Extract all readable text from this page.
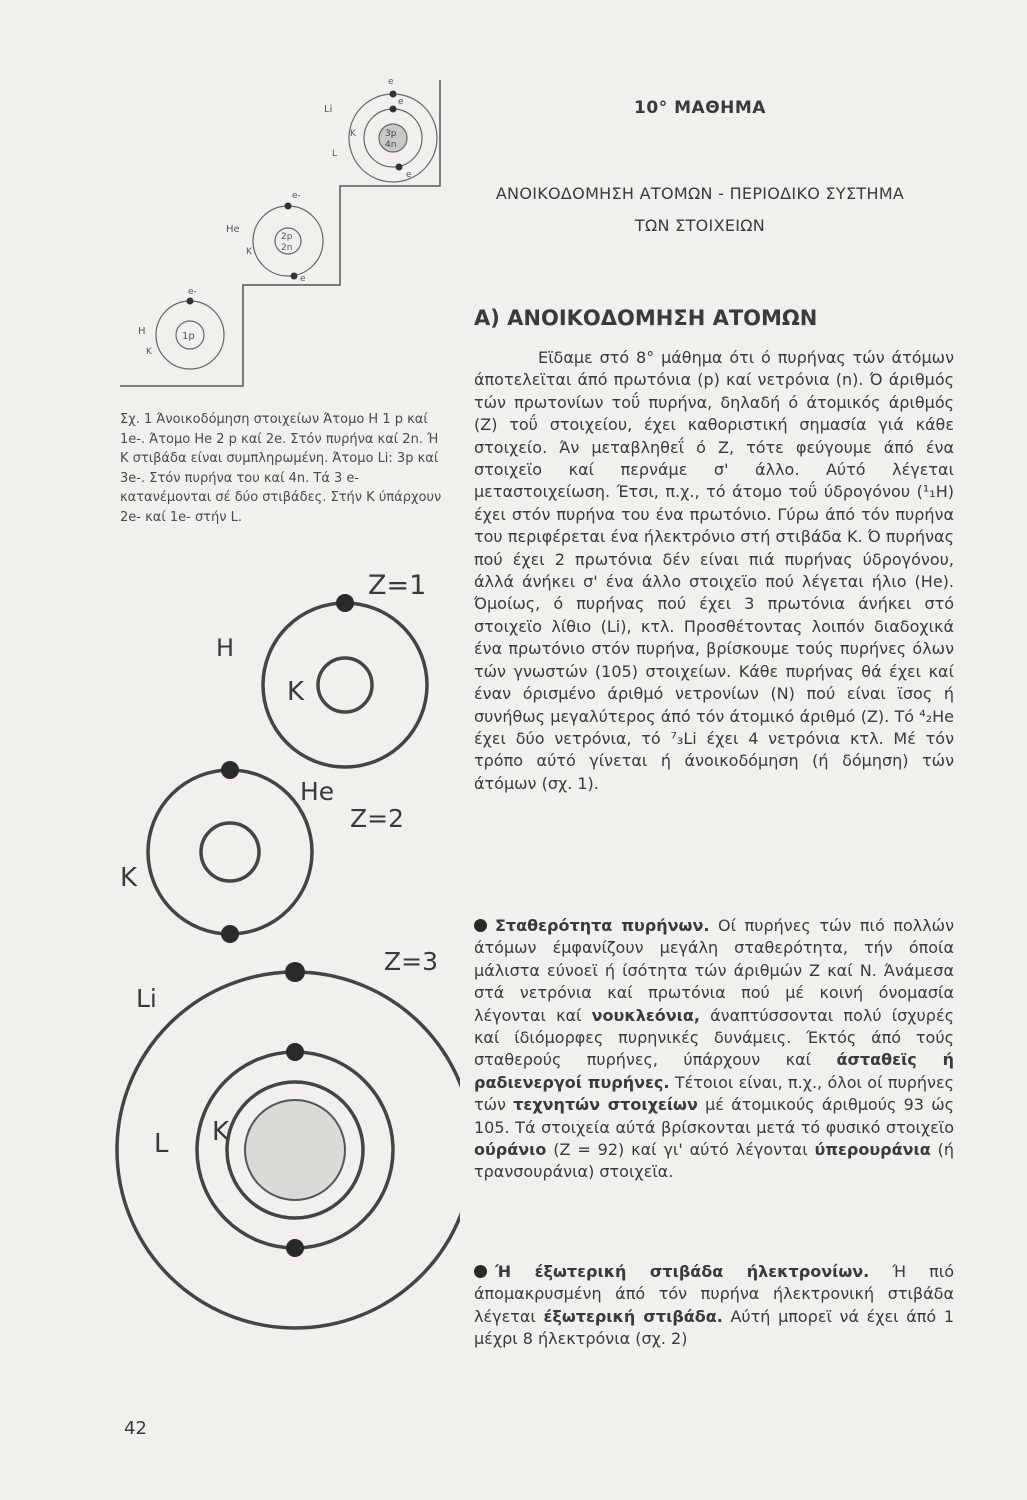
10° ΜΑΘΗΜΑ
ΑΝΟΙΚΟΔΟΜΗΣΗ ΑΤΟΜΩΝ - ΠΕΡΙΟΔΙΚΟ ΣΥΣΤΗΜΑ
ΤΩΝ ΣΤΟΙΧΕΙΩΝ
Α) ΑΝΟΙΚΟΔΟΜΗΣΗ ΑΤΟΜΩΝ
Εϊδαμε στό 8° μάθημα ότι ό πυρήνας τών άτόμων άποτελεϊται άπό πρωτόνια (p) καί νετρόνια (n). Ό άριθμός τών πρωτονίων τοΰ πυρήνα, δηλαδή ό άτομικός άριθμός (Ζ) τοΰ στοιχείου, έχει καθοριστική σημασία γιά κάθε στοιχείο. Άν μεταβληθεΐ ό Ζ, τότε φεύγουμε άπό ένα στοιχεϊο καί περνάμε σ' άλλο. Αύτό λέγεται μεταστοιχείωση. Έτσι, π.χ., τό άτομο τοΰ ύδρογόνου (¹₁Η) έχει στόν πυρήνα του ένα πρωτόνιο. Γύρω άπό τόν πυρήνα του περιφέρεται ένα ήλεκτρόνιο στή στιβάδα Κ. Ό πυρήνας πού έχει 2 πρωτόνια δέν είναι πιά πυρήνας ύδρογόνου, άλλά άνήκει σ' ένα άλλο στοιχεϊο πού λέγεται ήλιο (He). Όμοίως, ό πυρήνας πού έχει 3 πρωτόνια άνήκει στό στοιχεϊο λίθιο (Li), κτλ. Προσθέτοντας λοιπόν διαδοχικά ένα πρωτόνιο στόν πυρήνα, βρίσκουμε τούς πυρήνες όλων τών γνωστών (105) στοιχείων. Κάθε πυρήνας θά έχει καί έναν όρισμένο άριθμό νετρονίων (Ν) πού είναι ϊσος ή συνήθως μεγαλύτερος άπό τόν άτομικό άριθμό (Ζ). Τό ⁴₂He έχει δύο νετρόνια, τό ⁷₃Li έχει 4 νετρόνια κτλ. Μέ τόν τρόπο αύτό γίνεται ή άνοικοδόμηση (ή δόμηση) τών άτόμων (σχ. 1).
Σταθερότητα πυρήνων. Οί πυρήνες τών πιό πολλών άτόμων έμφανίζουν μεγάλη σταθερότητα, τήν όποία μάλιστα εύνοεϊ ή ίσότητα τών άριθμών Ζ καί Ν. Άνάμεσα στά νετρόνια καί πρωτόνια πού μέ κοινή όνομασία λέγονται καί νουκλεόνια, άναπτύσσονται πολύ ίσχυρές καί ίδιόμορφες πυρηνικές δυνάμεις. Έκτός άπό τούς σταθερούς πυρήνες, ύπάρχουν καί άσταθεϊς ή ραδιενεργοί πυρήνες. Τέτοιοι είναι, π.χ., όλοι οί πυρήνες τών τεχνητών στοιχείων μέ άτομικούς άριθμούς 93 ώς 105. Τά στοιχεία αύτά βρίσκονται μετά τό φυσικό στοιχεϊο ούράνιο (Ζ = 92) καί γι' αύτό λέγονται ύπερουράνια (ή τρανσουράνια) στοιχεϊα.
Ή έξωτερική στιβάδα ήλεκτρονίων. Ή πιό άπομακρυσμένη άπό τόν πυρήνα ήλεκτρονική στιβάδα λέγεται έξωτερική στιβάδα. Αύτή μπορεϊ νά έχει άπό 1 μέχρι 8 ήλεκτρόνια (σχ. 2)
1p
H
K
e-
2p
2n
He
K
e-
e
3p
4n
Li
K
L
e
e
e
Σχ. 1 Άνοικοδόμηση στοιχείων Άτομο Η 1 p καί 1e-. Άτομο He 2 p καί 2e. Στόν πυρήνα καί 2n. Ή Κ στιβάδα είναι συμπληρωμένη. Άτομο Li: 3p καί 3e-. Στόν πυρήνα του καί 4n. Τά 3 e- κατανέμονται σέ δύο στιβάδες. Στήν Κ ύπάρχουν 2e- καί 1e- στήν L.
Z=1
H
K
He
Z=2
K
Z=3
Li
L K
42
